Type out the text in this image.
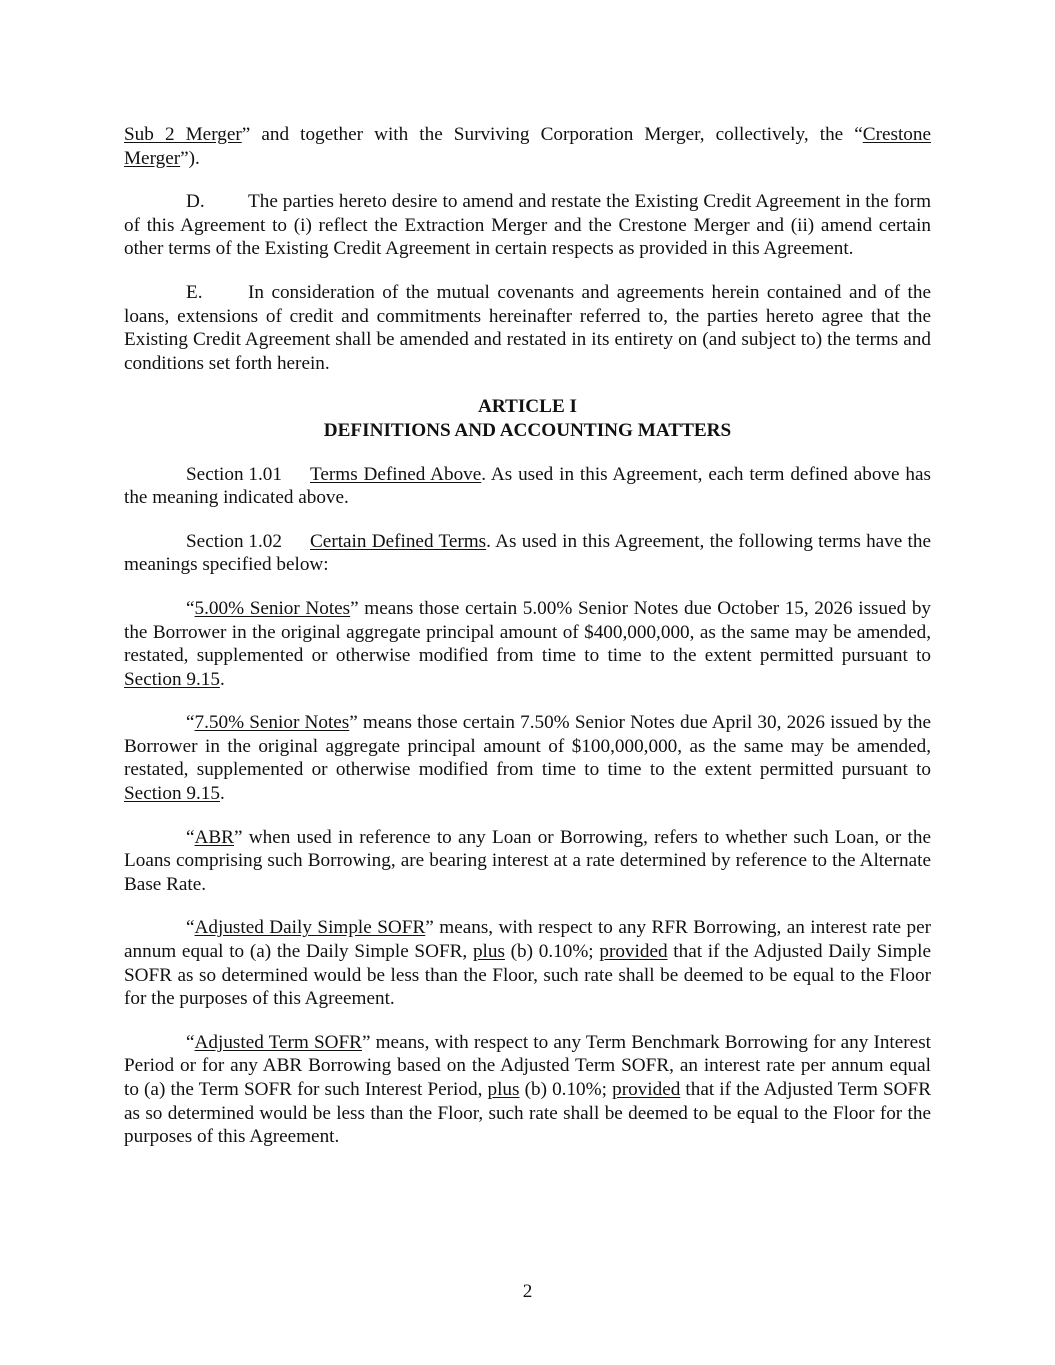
Sub 2 Merger” and together with the Surviving Corporation Merger, collectively, the “Crestone Merger”).

D. The parties hereto desire to amend and restate the Existing Credit Agreement in the form of this Agreement to (i) reflect the Extraction Merger and the Crestone Merger and (ii) amend certain other terms of the Existing Credit Agreement in certain respects as provided in this Agreement.

E. In consideration of the mutual covenants and agreements herein contained and of the loans, extensions of credit and commitments hereinafter referred to, the parties hereto agree that the Existing Credit Agreement shall be amended and restated in its entirety on (and subject to) the terms and conditions set forth herein.

ARTICLE I
DEFINITIONS AND ACCOUNTING MATTERS

Section 1.01 Terms Defined Above. As used in this Agreement, each term defined above has the meaning indicated above.

Section 1.02 Certain Defined Terms. As used in this Agreement, the following terms have the meanings specified below:

“5.00% Senior Notes” means those certain 5.00% Senior Notes due October 15, 2026 issued by the Borrower in the original aggregate principal amount of $400,000,000, as the same may be amended, restated, supplemented or otherwise modified from time to time to the extent permitted pursuant to Section 9.15.

“7.50% Senior Notes” means those certain 7.50% Senior Notes due April 30, 2026 issued by the Borrower in the original aggregate principal amount of $100,000,000, as the same may be amended, restated, supplemented or otherwise modified from time to time to the extent permitted pursuant to Section 9.15.

“ABR” when used in reference to any Loan or Borrowing, refers to whether such Loan, or the Loans comprising such Borrowing, are bearing interest at a rate determined by reference to the Alternate Base Rate.

“Adjusted Daily Simple SOFR” means, with respect to any RFR Borrowing, an interest rate per annum equal to (a) the Daily Simple SOFR, plus (b) 0.10%; provided that if the Adjusted Daily Simple SOFR as so determined would be less than the Floor, such rate shall be deemed to be equal to the Floor for the purposes of this Agreement.

“Adjusted Term SOFR” means, with respect to any Term Benchmark Borrowing for any Interest Period or for any ABR Borrowing based on the Adjusted Term SOFR, an interest rate per annum equal to (a) the Term SOFR for such Interest Period, plus (b) 0.10%; provided that if the Adjusted Term SOFR as so determined would be less than the Floor, such rate shall be deemed to be equal to the Floor for the purposes of this Agreement.

2
